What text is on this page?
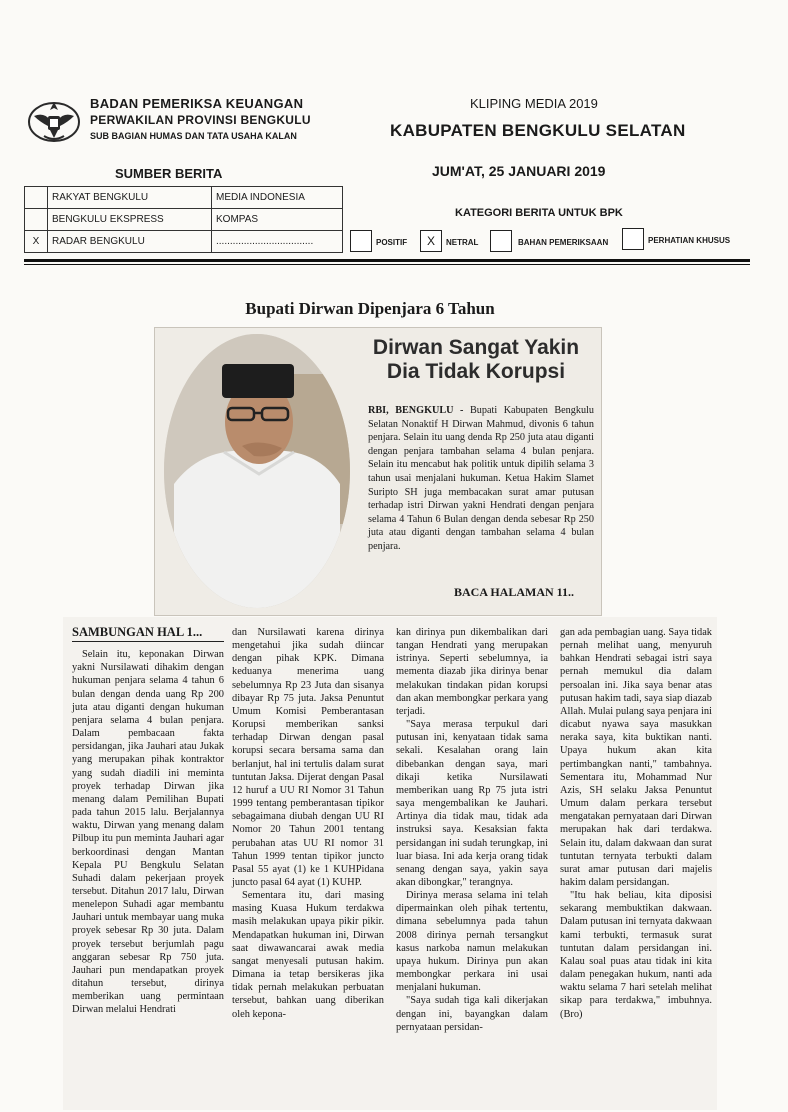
BADAN PEMERIKSA KEUANGAN
PERWAKILAN PROVINSI BENGKULU
SUB BAGIAN HUMAS DAN TATA USAHA KALAN
KLIPING MEDIA 2019
KABUPATEN BENGKULU SELATAN
JUM'AT, 25 JANUARI 2019
SUMBER BERITA
	RAKYAT BENGKULU	MEDIA INDONESIA
	BENGKULU EKSPRESS	KOMPAS
X	RADAR BENGKULU	...................................
KATEGORI BERITA UNTUK BPK
POSITIF	X	NETRAL	BAHAN PEMERIKSAAN	PERHATIAN KHUSUS
Bupati Dirwan Dipenjara 6 Tahun
Dirwan Sangat Yakin
Dia Tidak Korupsi
RBI, BENGKULU - Bupati Kabupaten Bengkulu Selatan Nonaktif H Dirwan Mahmud, divonis 6 tahun penjara. Selain itu uang denda Rp 250 juta atau diganti dengan penjara tambahan selama 4 bulan penjara. Selain itu mencabut hak politik untuk dipilih selama 3 tahun usai menjalani hukuman. Ketua Hakim Slamet Suripto SH juga membacakan surat amar putusan terhadap istri Dirwan yakni Hendrati dengan penjara selama 4 Tahun 6 Bulan dengan denda sebesar Rp 250 juta atau diganti dengan tambahan selama 4 bulan penjara.
BACA HALAMAN 11..
SAMBUNGAN HAL 1...

Selain itu, keponakan Dirwan yakni Nursilawati dihakim dengan hukuman penjara selama 4 tahun 6 bulan dengan denda uang Rp 200 juta atau diganti dengan hukuman penjara selama 4 bulan penjara. Dalam pembacaan fakta persidangan, jika Jauhari atau Jukak yang merupakan pihak kontraktor yang sudah diadili ini meminta proyek terhadap Dirwan jika menang dalam Pemilihan Bupati pada tahun 2015 lalu. Berjalannya waktu, Dirwan yang menang dalam Pilbup itu pun meminta Jauhari agar berkoordinasi dengan Mantan Kepala PU Bengkulu Selatan Suhadi dalam pekerjaan proyek tersebut. Ditahun 2017 lalu, Dirwan menelepon Suhadi agar membantu Jauhari untuk membayar uang muka proyek sebesar Rp 30 juta. Dalam proyek tersebut berjumlah pagu anggaran sebesar Rp 750 juta. Jauhari pun mendapatkan proyek ditahun tersebut, dirinya memberikan uang permintaan Dirwan melalui Hendrati

dan Nursilawati karena dirinya mengetahui jika sudah diincar dengan pihak KPK. Dimana keduanya menerima uang sebelumnya Rp 23 Juta dan sisanya dibayar Rp 75 juta. Jaksa Penuntut Umum Komisi Pemberantasan Korupsi memberikan sanksi terhadap Dirwan dengan pasal korupsi secara bersama sama dan berlanjut, hal ini tertulis dalam surat tuntutan Jaksa. Dijerat dengan Pasal 12 huruf a UU RI Nomor 31 Tahun 1999 tentang pemberantasan tipikor sebagaimana diubah dengan UU RI Nomor 20 Tahun 2001 tentang perubahan atas UU RI nomor 31 Tahun 1999 tentan tipikor juncto Pasal 55 ayat (1) ke 1 KUHPidana juncto pasal 64 ayat (1) KUHP.

Sementara itu, dari masing masing Kuasa Hukum terdakwa masih melakukan upaya pikir pikir. Mendapatkan hukuman ini, Dirwan saat diwawancarai awak media sangat menyesali putusan hakim. Dimana ia tetap bersikeras jika tidak pernah melakukan perbuatan tersebut, bahkan uang diberikan oleh kepona-

kan dirinya pun dikembalikan dari tangan Hendrati yang merupakan istrinya. Seperti sebelumnya, ia mementa diazab jika dirinya benar melakukan tindakan pidan korupsi dan akan membongkar perkara yang terjadi.

"Saya merasa terpukul dari putusan ini, kenyataan tidak sama sekali. Kesalahan orang lain dibebankan dengan saya, mari dikaji ketika Nursilawati memberikan uang Rp 75 juta istri saya mengembalikan ke Jauhari. Artinya dia tidak mau, tidak ada instruksi saya. Kesaksian fakta persidangan ini sudah terungkap, ini luar biasa. Ini ada kerja orang tidak senang dengan saya, yakin saya akan dibongkar," terangnya.

Dirinya merasa selama ini telah dipermainkan oleh pihak tertentu, dimana sebelumnya pada tahun 2008 dirinya pernah tersangkut kasus narkoba namun melakukan upaya hukum. Dirinya pun akan membongkar perkara ini usai menjalani hukuman.

"Saya sudah tiga kali dikerjakan dengan ini, bayangkan dalam pernyataan persidan-

gan ada pembagian uang. Saya tidak pernah melihat uang, menyuruh bahkan Hendrati sebagai istri saya pernah memukul dia dalam persoalan ini. Jika saya benar atas putusan hakim tadi, saya siap diazab Allah. Mulai pulang saya penjara ini dicabut nyawa saya masukkan neraka saya, kita buktikan nanti. Upaya hukum akan kita pertimbangkan nanti," tambahnya. Sementara itu, Mohammad Nur Azis, SH selaku Jaksa Penuntut Umum dalam perkara tersebut mengatakan pernyataan dari Dirwan merupakan hak dari terdakwa. Selain itu, dalam dakwaan dan surat tuntutan ternyata terbukti dalam surat amar putusan dari majelis hakim dalam persidangan.

"Itu hak beliau, kita diposisi sekarang membuktikan dakwaan. Dalam putusan ini ternyata dakwaan kami terbukti, termasuk surat tuntutan dalam persidangan ini. Kalau soal puas atau tidak ini kita dalam penegakan hukum, nanti ada waktu selama 7 hari setelah melihat sikap para terdakwa," imbuhnya. (Bro)
